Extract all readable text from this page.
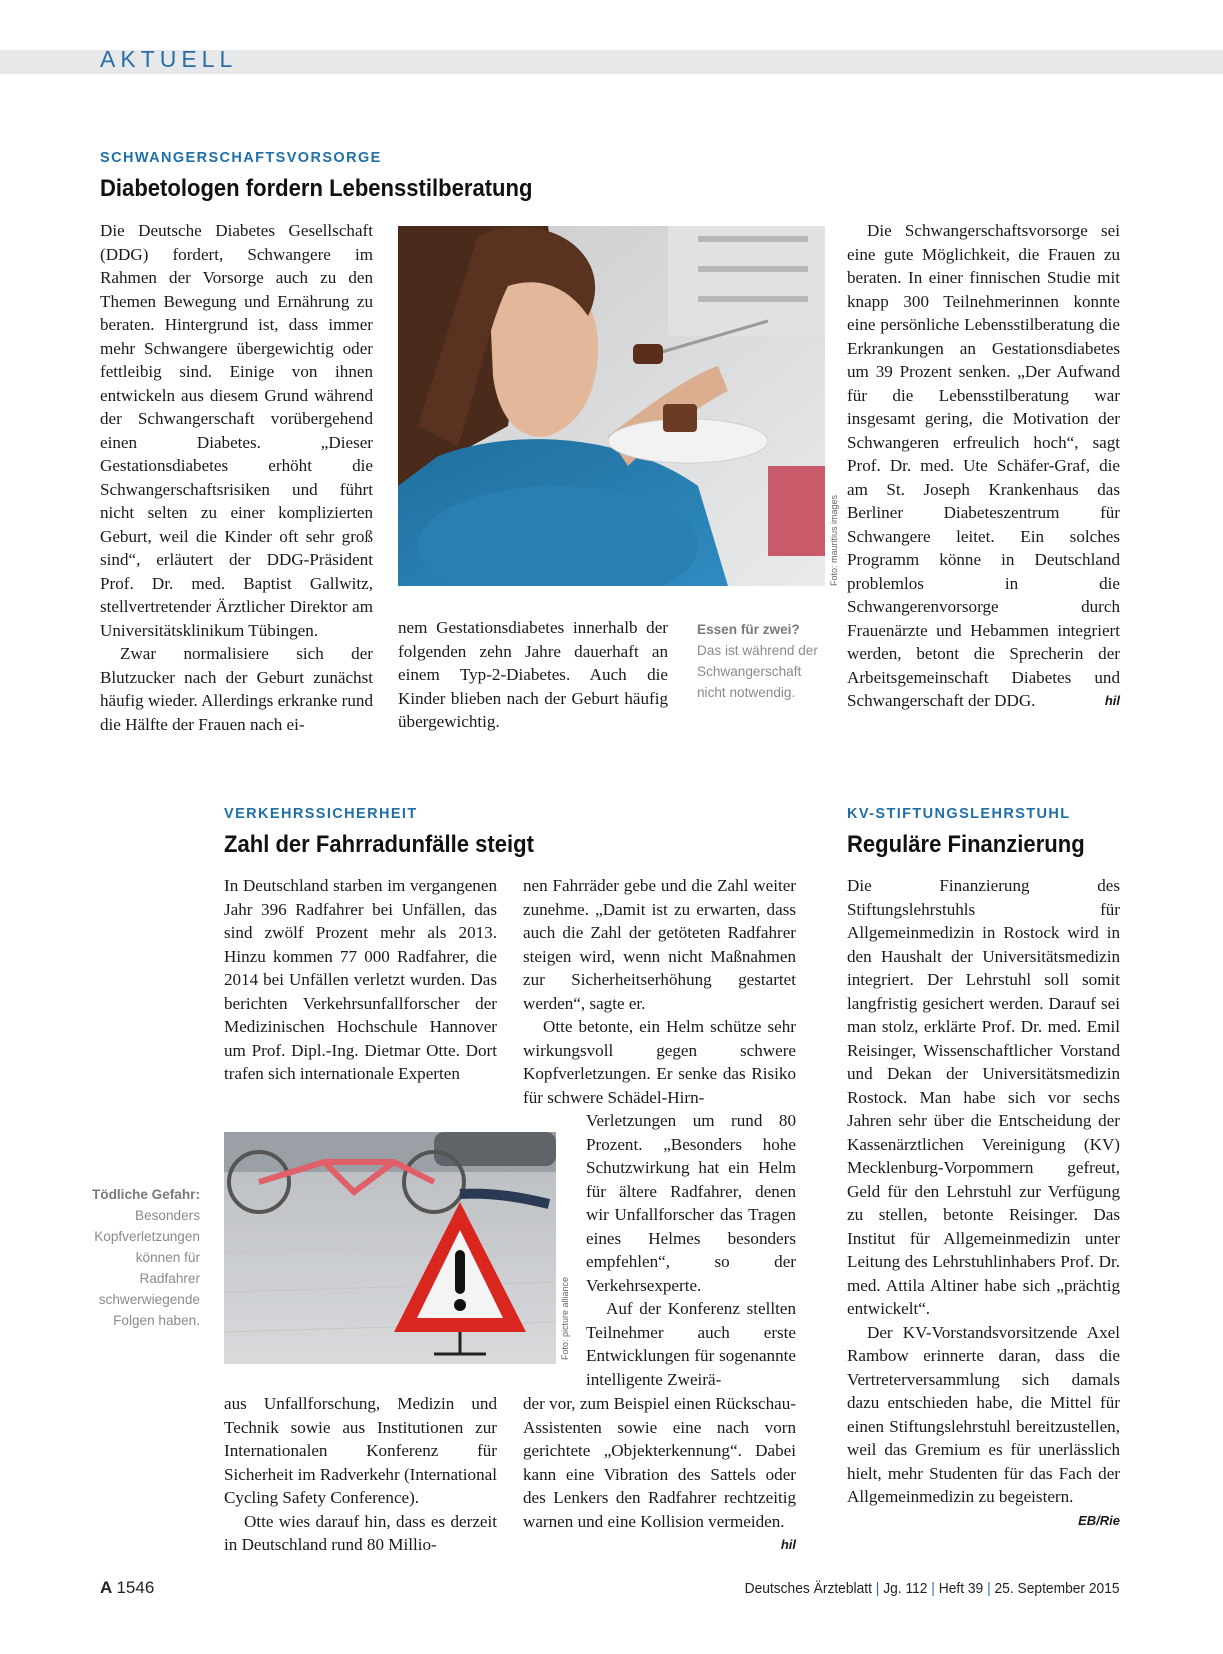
AKTUELL
SCHWANGERSCHAFTSVORSORGE
Diabetologen fordern Lebensstilberatung

Die Deutsche Diabetes Gesellschaft (DDG) fordert, Schwangere im Rahmen der Vorsorge auch zu den Themen Bewegung und Ernährung zu beraten. Hintergrund ist, dass immer mehr Schwangere übergewichtig oder fettleibig sind. Einige von ihnen entwickeln aus diesem Grund während der Schwangerschaft vorübergehend einen Diabetes. „Dieser Gestationsdiabetes erhöht die Schwangerschaftsrisiken und führt nicht selten zu einer komplizierten Geburt, weil die Kinder oft sehr groß sind“, erläutert der DDG-Präsident Prof. Dr. med. Baptist Gallwitz, stellvertretender Ärztlicher Direktor am Universitätsklinikum Tübingen.

Zwar normalisiere sich der Blutzucker nach der Geburt zunächst häufig wieder. Allerdings erkranke rund die Hälfte der Frauen nach ei-

Foto: mauritius images

nem Gestationsdiabetes innerhalb der folgenden zehn Jahre dauerhaft an einem Typ-2-Diabetes. Auch die Kinder blieben nach der Geburt häufig übergewichtig.

Essen für zwei?
Das ist während der Schwangerschaft nicht notwendig.

Die Schwangerschaftsvorsorge sei eine gute Möglichkeit, die Frauen zu beraten. In einer finnischen Studie mit knapp 300 Teilnehmerinnen konnte eine persönliche Lebensstilberatung die Erkrankungen an Gestationsdiabetes um 39 Prozent senken. „Der Aufwand für die Lebensstilberatung war insgesamt gering, die Motivation der Schwangeren erfreulich hoch“, sagt Prof. Dr. med. Ute Schäfer-Graf, die am St. Joseph Krankenhaus das Berliner Diabeteszentrum für Schwangere leitet. Ein solches Programm könne in Deutschland problemlos in die Schwangerenvorsorge durch Frauenärzte und Hebammen integriert werden, betont die Sprecherin der Arbeitsgemeinschaft Diabetes und Schwangerschaft der DDG.	hil

VERKEHRSSICHERHEIT
Zahl der Fahrradunfälle steigt

In Deutschland starben im vergangenen Jahr 396 Radfahrer bei Unfällen, das sind zwölf Prozent mehr als 2013. Hinzu kommen 77 000 Radfahrer, die 2014 bei Unfällen verletzt wurden. Das berichten Verkehrsunfallforscher der Medizinischen Hochschule Hannover um Prof. Dipl.-Ing. Dietmar Otte. Dort trafen sich internationale Experten

Foto: picture alliance
Tödliche Gefahr: Besonders Kopfverletzungen können für Radfahrer schwerwiegende Folgen haben.

aus Unfallforschung, Medizin und Technik sowie aus Institutionen zur Internationalen Konferenz für Sicherheit im Radverkehr (International Cycling Safety Conference).

Otte wies darauf hin, dass es derzeit in Deutschland rund 80 Millio-

nen Fahrräder gebe und die Zahl weiter zunehme. „Damit ist zu erwarten, dass auch die Zahl der getöteten Radfahrer steigen wird, wenn nicht Maßnahmen zur Sicherheitserhöhung gestartet werden“, sagte er.

Otte betonte, ein Helm schütze sehr wirkungsvoll gegen schwere Kopfverletzungen. Er senke das Risiko für schwere Schädel-Hirn-

Verletzungen um rund 80 Prozent. „Besonders hohe Schutzwirkung hat ein Helm für ältere Radfahrer, denen wir Unfallforscher das Tragen eines Helmes besonders empfehlen“, so der Verkehrsexperte.

Auf der Konferenz stellten Teilnehmer auch erste Entwicklungen für sogenannte intelligente Zweirä-

der vor, zum Beispiel einen Rückschau-Assistenten sowie eine nach vorn gerichtete „Objekterkennung“. Dabei kann eine Vibration des Sattels oder des Lenkers den Radfahrer rechtzeitig warnen und eine Kollision vermeiden.
hil

KV-STIFTUNGSLEHRSTUHL
Reguläre Finanzierung

Die Finanzierung des Stiftungslehrstuhls für Allgemeinmedizin in Rostock wird in den Haushalt der Universitätsmedizin integriert. Der Lehrstuhl soll somit langfristig gesichert werden. Darauf sei man stolz, erklärte Prof. Dr. med. Emil Reisinger, Wissenschaftlicher Vorstand und Dekan der Universitätsmedizin Rostock. Man habe sich vor sechs Jahren sehr über die Entscheidung der Kassenärztlichen Vereinigung (KV) Mecklenburg-Vorpommern gefreut, Geld für den Lehrstuhl zur Verfügung zu stellen, betonte Reisinger. Das Institut für Allgemeinmedizin unter Leitung des Lehrstuhlinhabers Prof. Dr. med. Attila Altiner habe sich „prächtig entwickelt“.

Der KV-Vorstandsvorsitzende Axel Rambow erinnerte daran, dass die Vertreterversammlung sich damals dazu entschieden habe, die Mittel für einen Stiftungslehrstuhl bereitzustellen, weil das Gremium es für unerlässlich hielt, mehr Studenten für das Fach der Allgemeinmedizin zu begeistern.
EB/Rie

A 1546	Deutsches Ärzteblatt | Jg. 112 | Heft 39 | 25. September 2015
